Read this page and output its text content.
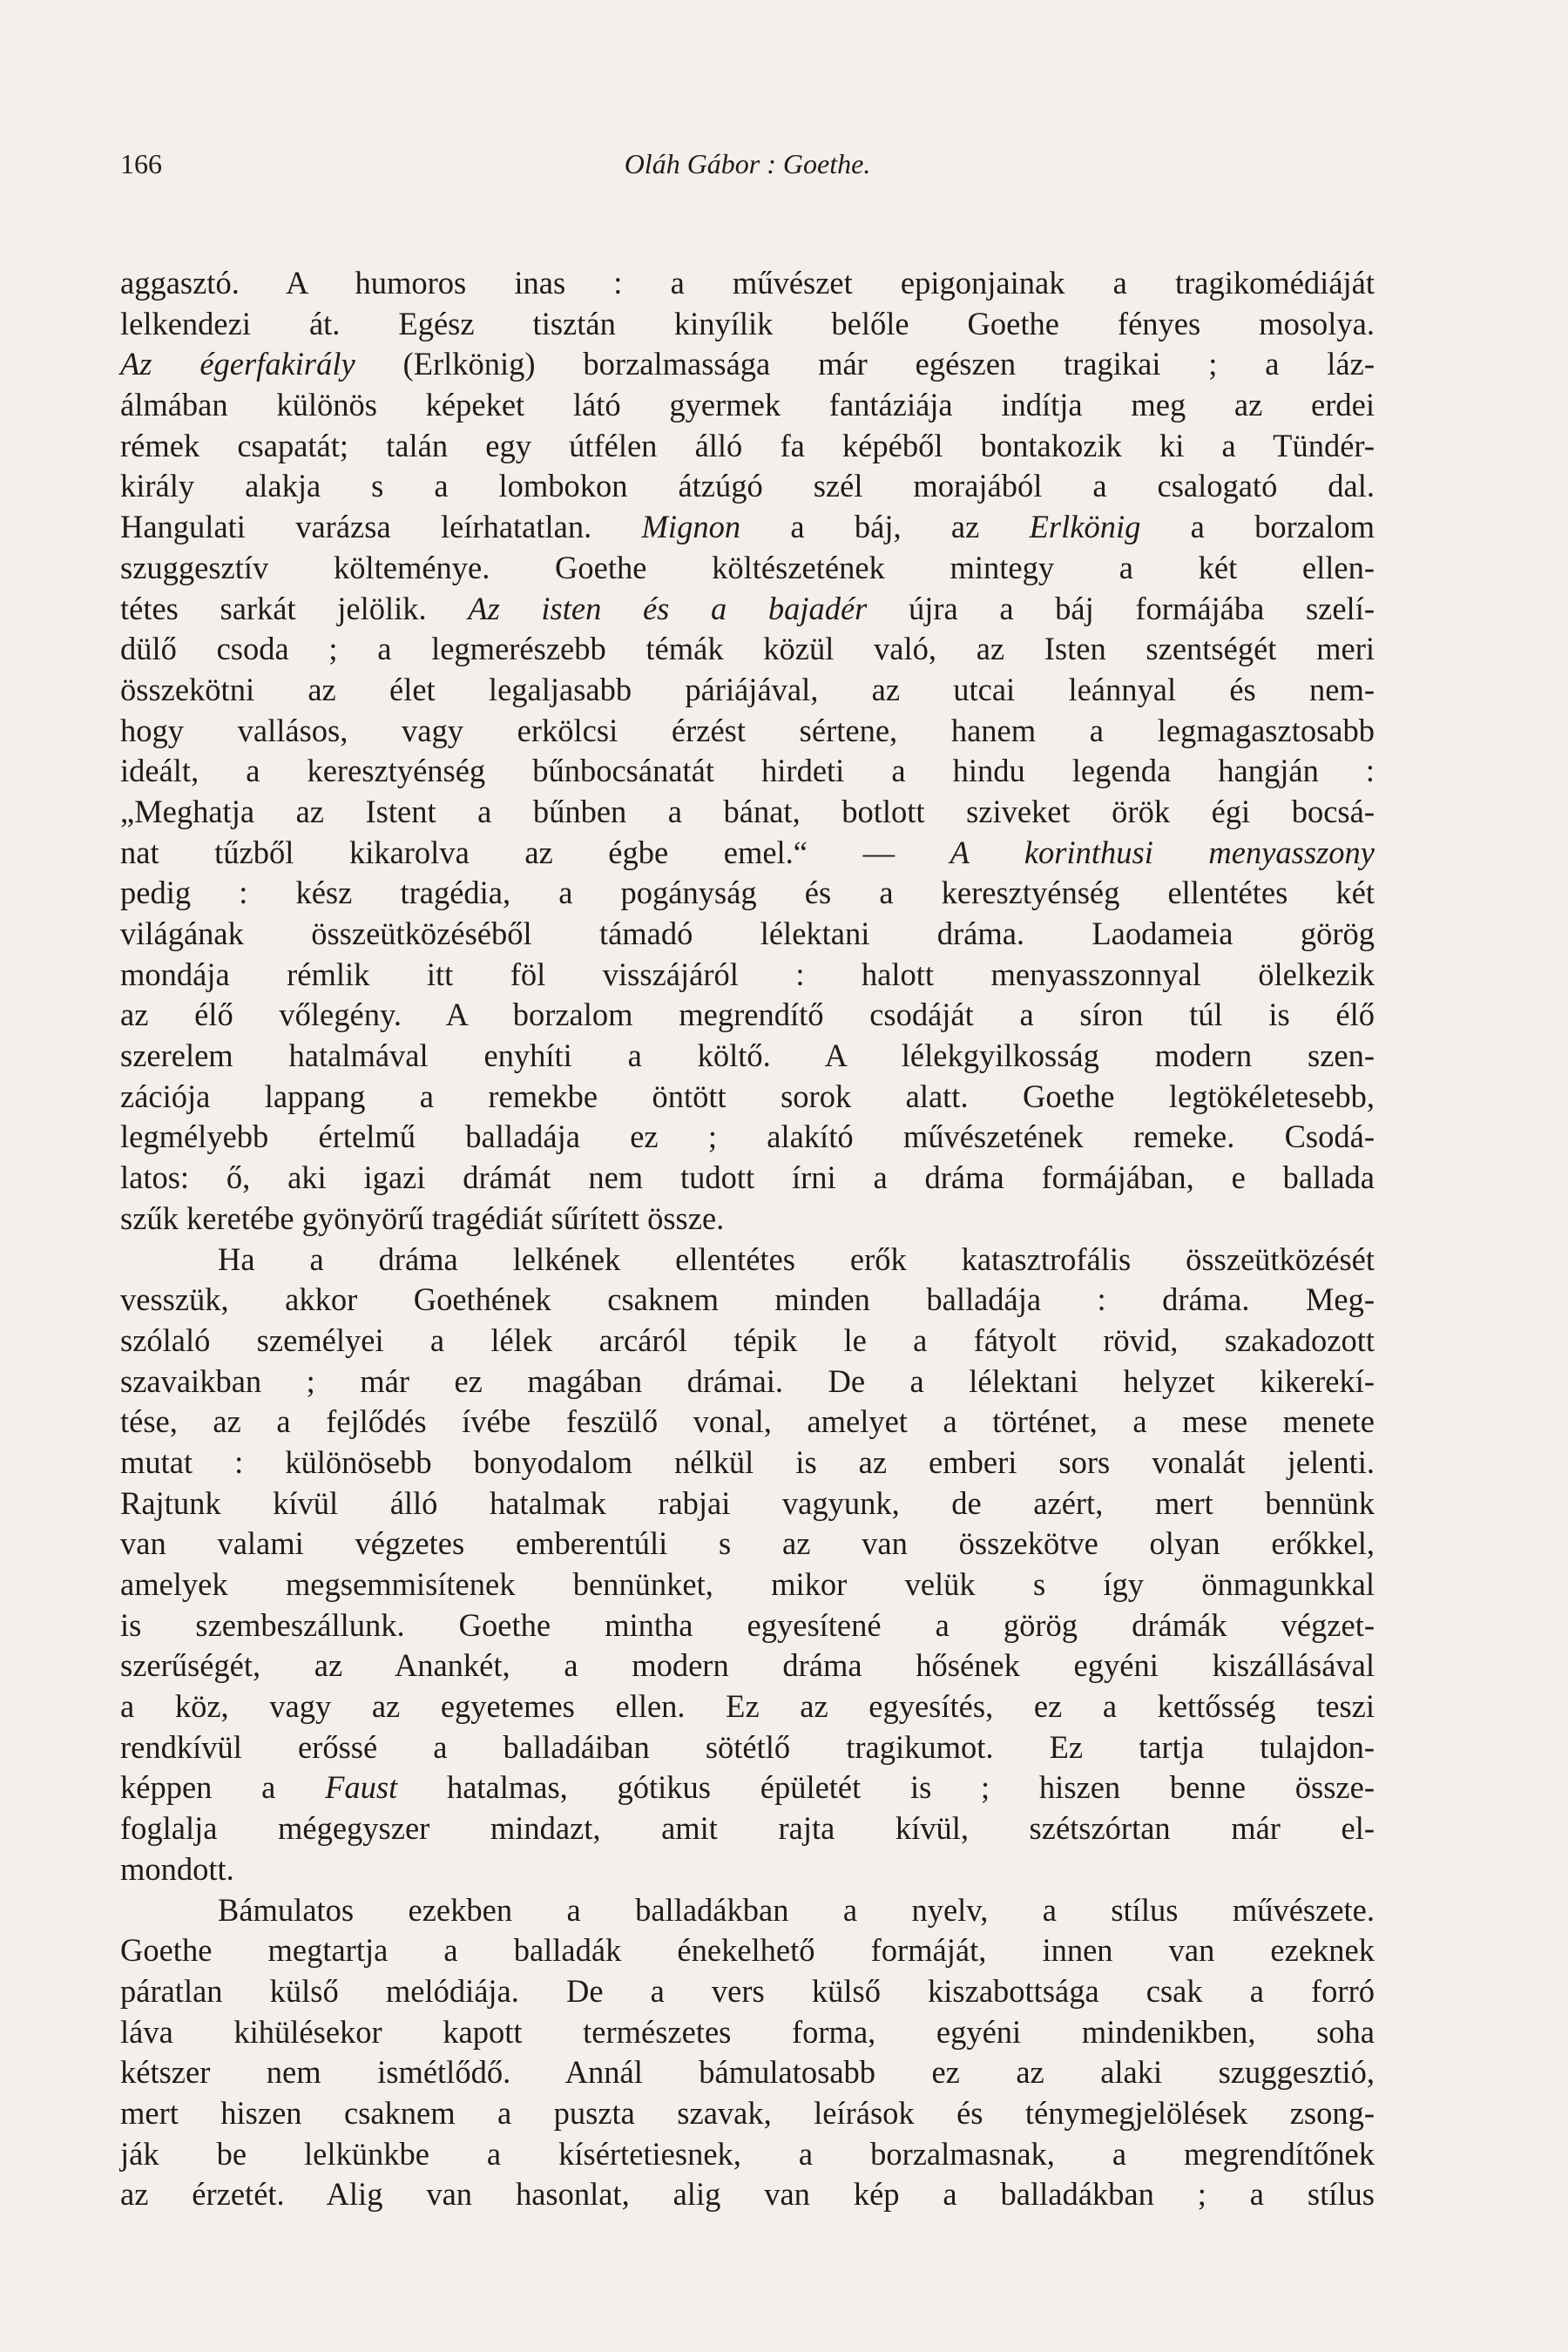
166	Oláh Gábor : Goethe.
aggasztó. A humoros inas : a művészet epigonjainak a tragikomédiáját
lelkendezi át. Egész tisztán kinyílik belőle Goethe fényes mosolya.
Az égerfakirály (Erlkönig) borzalmassága már egészen tragikai ; a láz-
álmában különös képeket látó gyermek fantáziája indítja meg az erdei
rémek csapatát; talán egy útfélen álló fa képéből bontakozik ki a Tündér-
király alakja s a lombokon átzúgó szél morajából a csalogató dal.
Hangulati varázsa leírhatatlan. Mignon a báj, az Erlkönig a borzalom
szuggesztív költeménye. Goethe költészetének mintegy a két ellen-
tétes sarkát jelölik. Az isten és a bajadér újra a báj formájába szelí-
dülő csoda ; a legmerészebb témák közül való, az Isten szentségét meri
összekötni az élet legaljasabb páriájával, az utcai leánnyal és nem-
hogy vallásos, vagy erkölcsi érzést sértene, hanem a legmagasztosabb
ideált, a keresztyénség bűnbocsánatát hirdeti a hindu legenda hangján :
„Meghatja az Istent a bűnben a bánat, botlott sziveket örök égi bocsá-
nat tűzből kikarolva az égbe emel.“ — A korinthusi menyasszony
pedig : kész tragédia, a pogányság és a keresztyénség ellentétes két
világának összeütközéséből támadó lélektani dráma. Laodameia görög
mondája rémlik itt föl visszájáról : halott menyasszonnyal ölelkezik
az élő vőlegény. A borzalom megrendítő csodáját a síron túl is élő
szerelem hatalmával enyhíti a költő. A lélekgyilkosság modern szen-
zációja lappang a remekbe öntött sorok alatt. Goethe legtökéletesebb,
legmélyebb értelmű balladája ez ; alakító művészetének remeke. Csodá-
latos: ő, aki igazi drámát nem tudott írni a dráma formájában, e ballada
szűk keretébe gyönyörű tragédiát sűrített össze.
Ha a dráma lelkének ellentétes erők katasztrofális összeütközését
vesszük, akkor Goethének csaknem minden balladája : dráma. Meg-
szólaló személyei a lélek arcáról tépik le a fátyolt rövid, szakadozott
szavaikban ; már ez magában drámai. De a lélektani helyzet kikerekí-
tése, az a fejlődés ívébe feszülő vonal, amelyet a történet, a mese menete
mutat : különösebb bonyodalom nélkül is az emberi sors vonalát jelenti.
Rajtunk kívül álló hatalmak rabjai vagyunk, de azért, mert bennünk
van valami végzetes emberentúli s az van összekötve olyan erőkkel,
amelyek megsemmisítenek bennünket, mikor velük s így önmagunkkal
is szembeszállunk. Goethe mintha egyesítené a görög drámák végzet-
szerűségét, az Anankét, a modern dráma hősének egyéni kiszállásával
a köz, vagy az egyetemes ellen. Ez az egyesítés, ez a kettősség teszi
rendkívül erőssé a balladáiban sötétlő tragikumot. Ez tartja tulajdon-
képpen a Faust hatalmas, gótikus épületét is ; hiszen benne össze-
foglalja mégegyszer mindazt, amit rajta kívül, szétszórtan már el-
mondott.
Bámulatos ezekben a balladákban a nyelv, a stílus művészete.
Goethe megtartja a balladák énekelhető formáját, innen van ezeknek
páratlan külső melódiája. De a vers külső kiszabottsága csak a forró
láva kihülésekor kapott természetes forma, egyéni mindenikben, soha
kétszer nem ismétlődő. Annál bámulatosabb ez az alaki szuggesztió,
mert hiszen csaknem a puszta szavak, leírások és ténymegjelölések zsong-
ják be lelkünkbe a kísértetiesnek, a borzalmasnak, a megrendítőnek
az érzetét. Alig van hasonlat, alig van kép a balladákban ; a stílus
